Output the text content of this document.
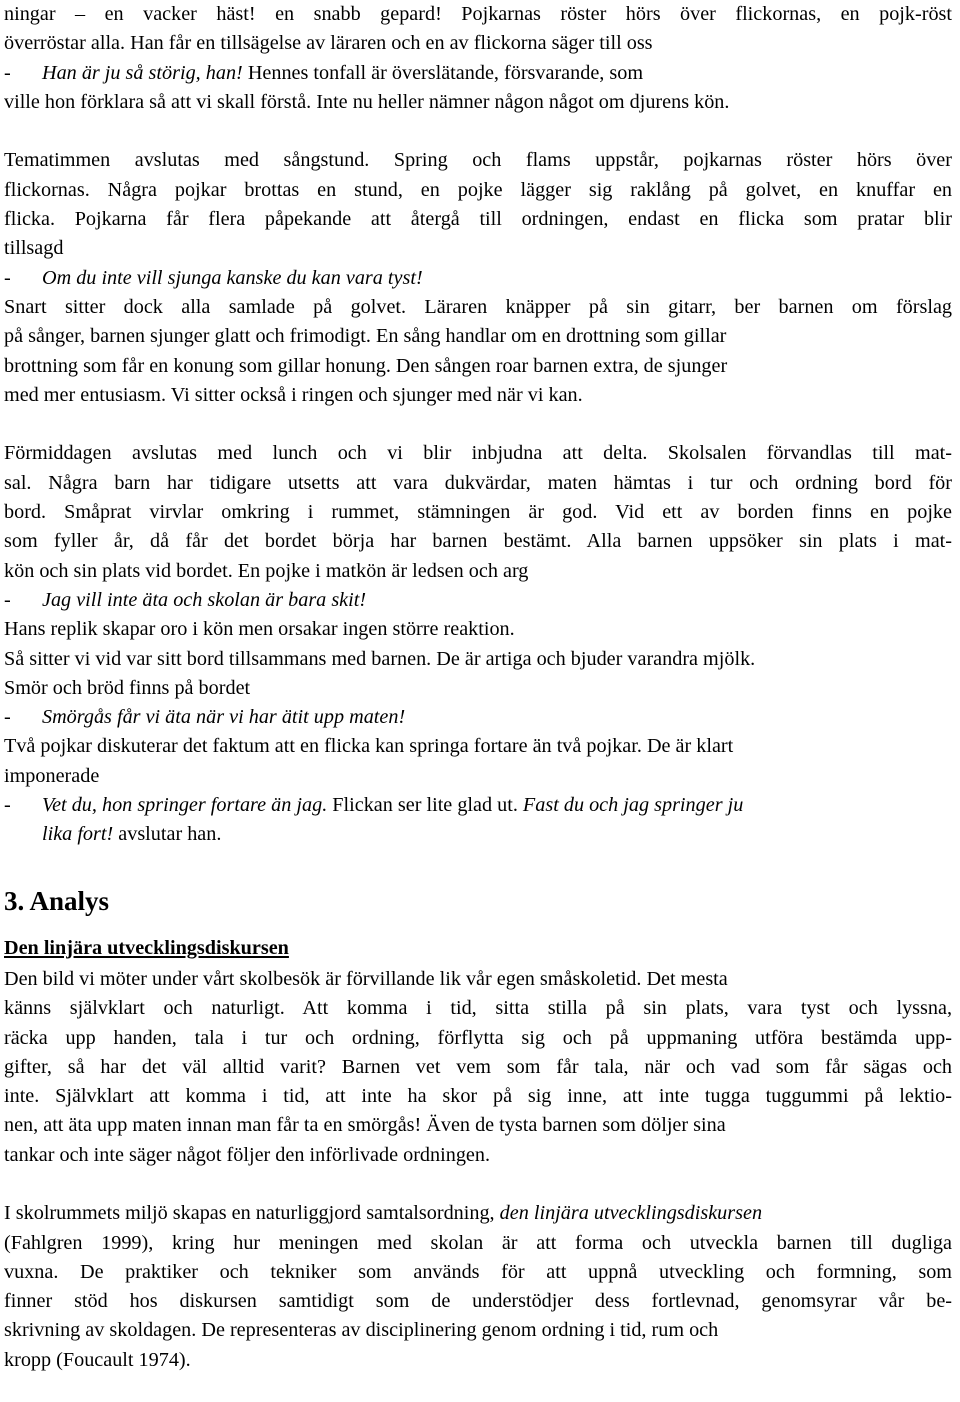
ningar – en vacker häst! en snabb gepard! Pojkarnas röster hörs över flickornas, en pojk-röst
överröstar alla. Han får en tillsägelse av läraren och en av flickorna säger till oss
- Han är ju så störig, han! Hennes tonfall är överslätande, försvarande, som
ville hon förklara så att vi skall förstå. Inte nu heller nämner någon något om djurens kön.
Tematimmen avslutas med sångstund. Spring och flams uppstår, pojkarnas röster hörs över
flickornas. Några pojkar brottas en stund, en pojke lägger sig raklång på golvet, en knuffar en
flicka. Pojkarna får flera påpekande att återgå till ordningen, endast en flicka som pratar blir
tillsagd
- Om du inte vill sjunga kanske du kan vara tyst!
Snart sitter dock alla samlade på golvet. Läraren knäpper på sin gitarr, ber barnen om förslag
på sånger, barnen sjunger glatt och frimodigt. En sång handlar om en drottning som gillar
brottning som får en konung som gillar honung. Den sången roar barnen extra, de sjunger
med mer entusiasm. Vi sitter också i ringen och sjunger med när vi kan.
Förmiddagen avslutas med lunch och vi blir inbjudna att delta. Skolsalen förvandlas till mat-
sal. Några barn har tidigare utsetts att vara dukvärdar, maten hämtas i tur och ordning bord för
bord. Småprat virvlar omkring i rummet, stämningen är god. Vid ett av borden finns en pojke
som fyller år, då får det bordet börja har barnen bestämt. Alla barnen uppsöker sin plats i mat-
kön och sin plats vid bordet. En pojke i matkön är ledsen och arg
- Jag vill inte äta och skolan är bara skit!
Hans replik skapar oro i kön men orsakar ingen större reaktion.
Så sitter vi vid var sitt bord tillsammans med barnen. De är artiga och bjuder varandra mjölk.
Smör och bröd finns på bordet
- Smörgås får vi äta när vi har ätit upp maten!
Två pojkar diskuterar det faktum att en flicka kan springa fortare än två pojkar. De är klart
imponerade
- Vet du, hon springer fortare än jag. Flickan ser lite glad ut. Fast du och jag springer ju
lika fort! avslutar han.
3. Analys
Den linjära utvecklingsdiskursen
Den bild vi möter under vårt skolbesök är förvillande lik vår egen småskoletid. Det mesta
känns självklart och naturligt. Att komma i tid, sitta stilla på sin plats, vara tyst och lyssna,
räcka upp handen, tala i tur och ordning, förflytta sig och på uppmaning utföra bestämda upp-
gifter, så har det väl alltid varit? Barnen vet vem som får tala, när och vad som får sägas och
inte. Självklart att komma i tid, att inte ha skor på sig inne, att inte tugga tuggummi på lektio-
nen, att äta upp maten innan man får ta en smörgås! Även de tysta barnen som döljer sina
tankar och inte säger något följer den införlivade ordningen.
I skolrummets miljö skapas en naturliggjord samtalsordning, den linjära utvecklingsdiskursen
(Fahlgren 1999), kring hur meningen med skolan är att forma och utveckla barnen till dugliga
vuxna. De praktiker och tekniker som används för att uppnå utveckling och formning, som
finner stöd hos diskursen samtidigt som de understödjer dess fortlevnad, genomsyrar vår be-
skrivning av skoldagen. De representeras av disciplinering genom ordning i tid, rum och
kropp (Foucault 1974).
